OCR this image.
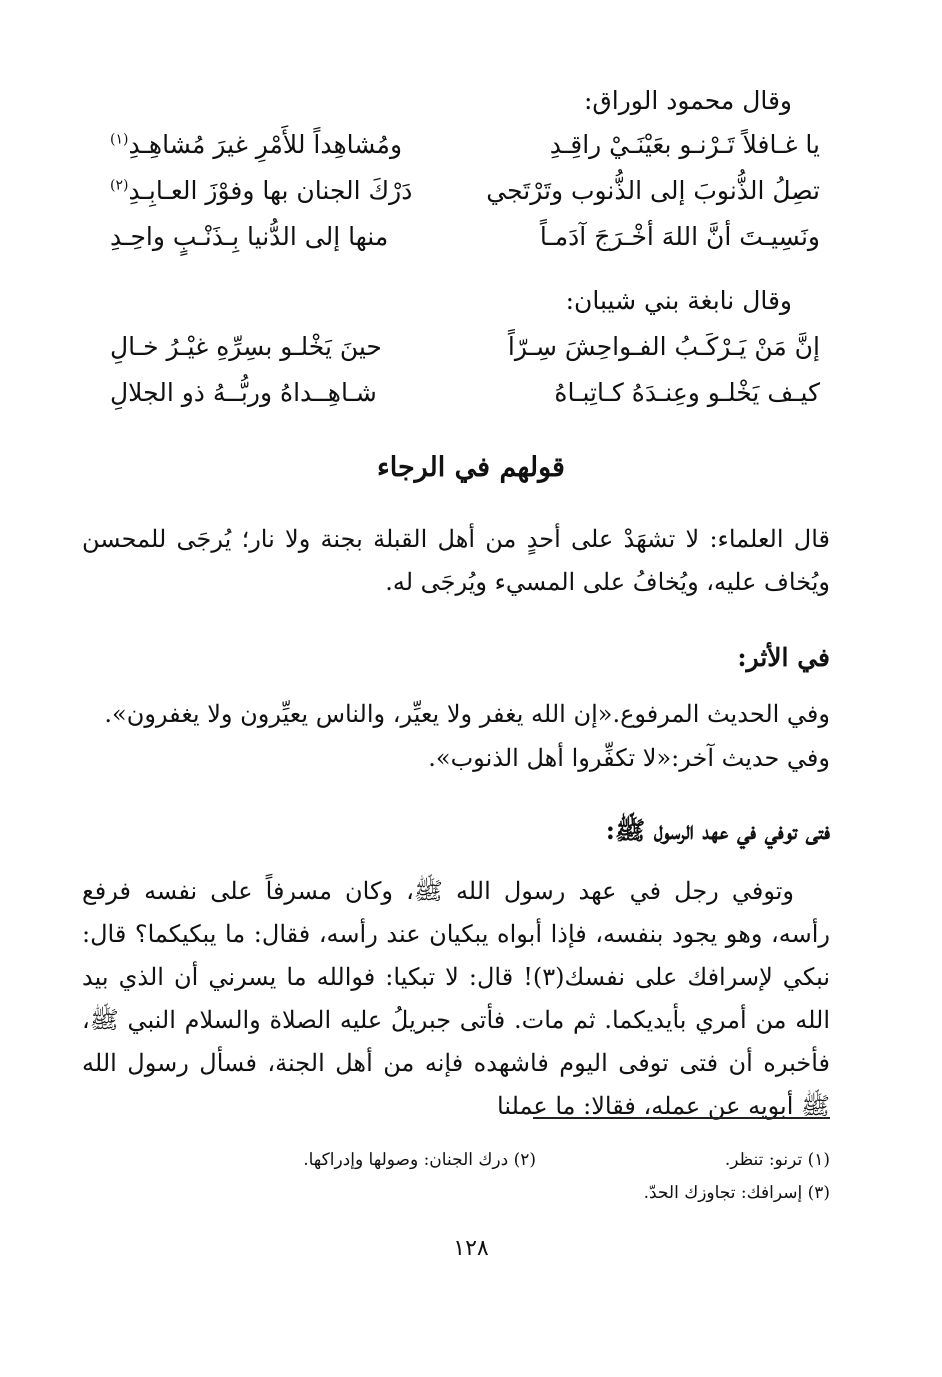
وقال محمود الوراق:
يا غـافلاً تَـرْنـو بعَيْنَـيْ راقِـدِ
ومُشاهِداً للأَمْرِ غيرَ مُشاهِـدِ$^{(١)}$
تصِلُ الذُّنوبَ إلى الذُّنوب وتَرْتَجي
دَرْكَ الجنان بها وفوْزَ العـابِـدِ$^{(٢)}$
ونَسِيـتَ أنَّ اللهَ أخْـرَجَ آدَمـاً
منها إلى الدُّنيا بِـذَنْـبٍ واحِـدِ
وقال نابغة بني شيبان:
إنَّ مَنْ يَـرْكَـبُ الفـواحِشَ سِـرّاً
حينَ يَخْلـو بسِرِّهِ غيْـرُ خـالِ
كيـف يَخْلـو وعِنـدَهُ كـاتِبـاهُ
شـاهِــداهُ وربُّــهُ ذو الجلالِ
قولهم في الرجاء
قال العلماء: لا تشهَدْ على أحدٍ من أهل القبلة بجنة ولا نار؛ يُرجَى للمحسن ويُخاف عليه، ويُخافُ على المسيء ويُرجَى له.
في الأثر:
وفي الحديث المرفوع.«إن الله يغفر ولا يعيِّر، والناس يعيِّرون ولا يغفرون».
وفي حديث آخر:«لا تكفِّروا أهل الذنوب».
فتى توفي في عهد الرسول ﷺ:
وتوفي رجل في عهد رسول الله ﷺ، وكان مسرفاً على نفسه فرفع رأسه، وهو يجود بنفسه، فإذا أبواه يبكيان عند رأسه، فقال: ما يبكيكما؟ قال: نبكي لإسرافك على نفسك(٣)! قال: لا تبكيا: فوالله ما يسرني أن الذي بيد الله من أمري بأيديكما. ثم مات. فأتى جبريلُ عليه الصلاة والسلام النبي ﷺ، فأخبره أن فتى توفى اليوم فاشهده فإنه من أهل الجنة، فسأل رسول الله ﷺ أبويه عن عمله، فقالا: ما عملنا
(١) ترنو: تنظر.
(٢) درك الجنان: وصولها وإدراكها.
(٣) إسرافك: تجاوزك الحدّ.
١٢٨
